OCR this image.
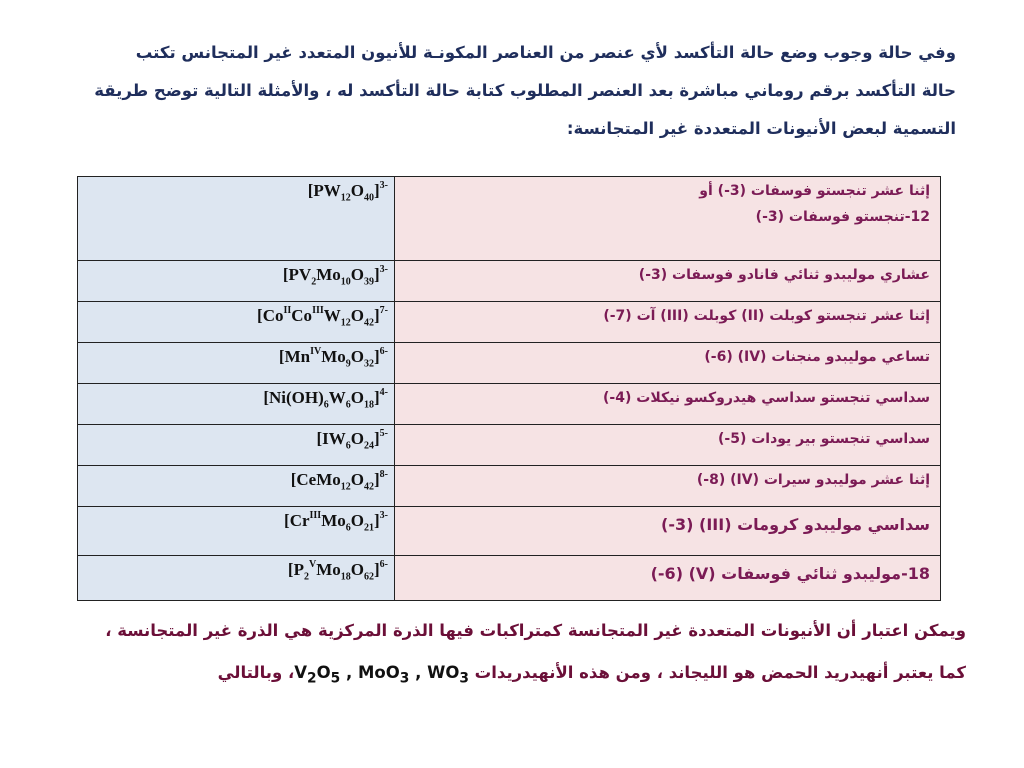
وفي حالة وجوب وضع حالة التأكسد لأي عنصر من العناصر المكونـة للأنيون المتعدد غير المتجانس تكتب
حالة التأكسد برقم روماني مباشرة بعد العنصر المطلوب كتابة حالة التأكسد له ، والأمثلة التالية توضح طريقة
التسمية لبعض الأنيونات المتعددة غير المتجانسة:
$[PW_{12}O_{40}]^{3-}$	إثنا عشر تنجستو فوسفات (3-) أو
12-تنجستو فوسفات (3-)

$[PV_2Mo_{10}O_{39}]^{3-}$	عشاري موليبدو ثنائي فانادو فوسفات (3-)
$[Co^{II}Co^{III}W_{12}O_{42}]^{7-}$	إثنا عشر تنجستو كوبلت (II) كوبلت (III) آت (7-)
$[Mn^{IV}Mo_9O_{32}]^{6-}$	تساعي موليبدو منجنات (IV) (6-)
$[Ni(OH)_6W_6O_{18}]^{4-}$	سداسي تنجستو سداسي هيدروكسو نيكلات (4-)
$[IW_6O_{24}]^{5-}$	سداسي تنجستو بير يودات (5-)
$[CeMo_{12}O_{42}]^{8-}$	إثنا عشر موليبدو سيرات (IV) (8-)
$[Cr^{III}Mo_6O_{21}]^{3-}$	سداسي موليبدو كرومات (III) (3-)
$[P_2^VMo_{18}O_{62}]^{6-}$	18-موليبدو ثنائي فوسفات (V) (6-)
ويمكن اعتبار أن الأنيونات المتعددة غير المتجانسة كمتراكبات فيها الذرة المركزية هي الذرة غير المتجانسة ،
كما يعتبر أنهيدريد الحمض هو الليجاند ، ومن هذه الأنهيدريدات $V_2O_5$ , MoO$_3$ , $WO_3،$ وبالتالي
